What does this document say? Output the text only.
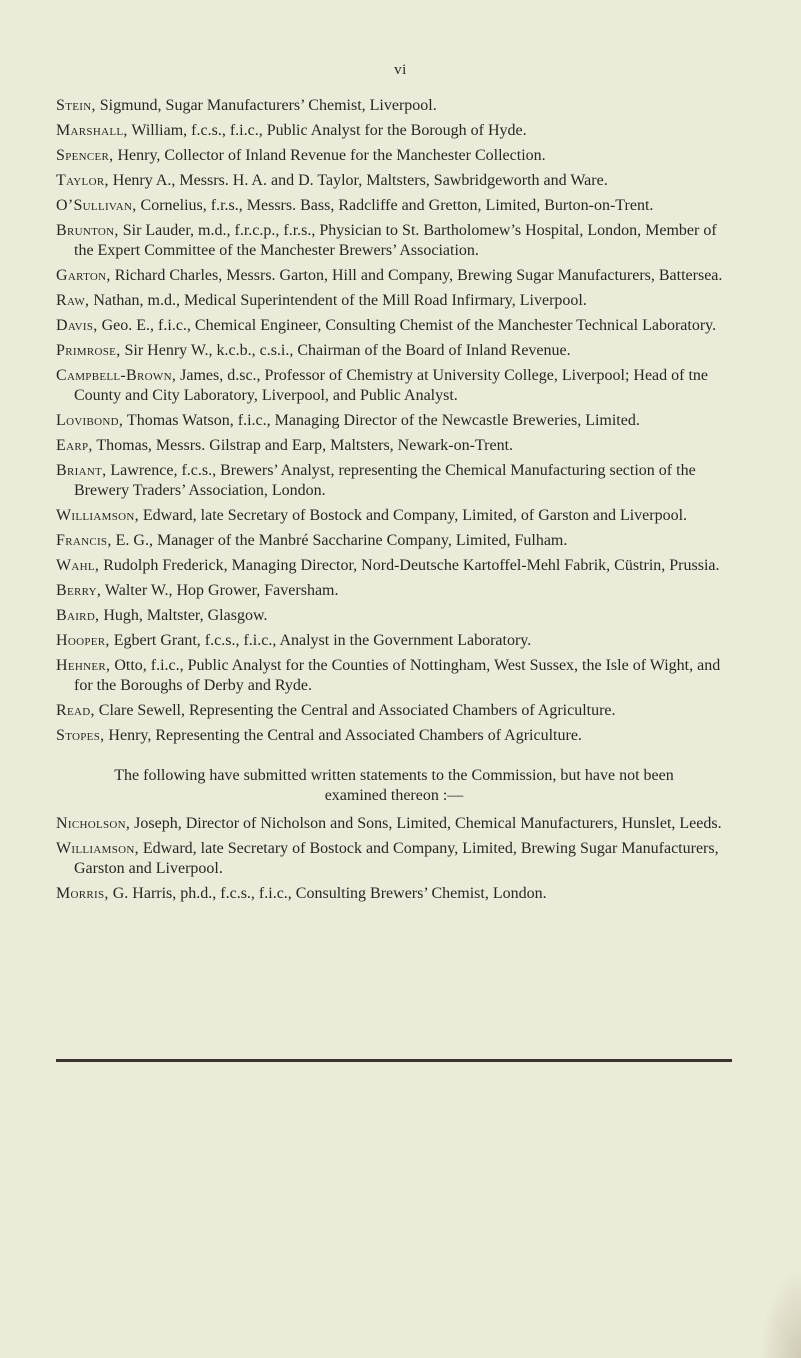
vi

Stein, Sigmund, Sugar Manufacturers’ Chemist, Liverpool.

Marshall, William, f.c.s., f.i.c., Public Analyst for the Borough of Hyde.

Spencer, Henry, Collector of Inland Revenue for the Manchester Collection.

Taylor, Henry A., Messrs. H. A. and D. Taylor, Maltsters, Sawbridgeworth and Ware.

O’Sullivan, Cornelius, f.r.s., Messrs. Bass, Radcliffe and Gretton, Limited, Burton-on-Trent.

Brunton, Sir Lauder, m.d., f.r.c.p., f.r.s., Physician to St. Bartholomew’s Hospital, London, Member of the Expert Committee of the Manchester Brewers’ Association.

Garton, Richard Charles, Messrs. Garton, Hill and Company, Brewing Sugar Manufacturers, Battersea.

Raw, Nathan, m.d., Medical Superintendent of the Mill Road Infirmary, Liverpool.

Davis, Geo. E., f.i.c., Chemical Engineer, Consulting Chemist of the Manchester Technical Laboratory.

Primrose, Sir Henry W., k.c.b., c.s.i., Chairman of the Board of Inland Revenue.

Campbell-Brown, James, d.sc., Professor of Chemistry at University College, Liverpool; Head of tne County and City Laboratory, Liverpool, and Public Analyst.

Lovibond, Thomas Watson, f.i.c., Managing Director of the Newcastle Breweries, Limited.

Earp, Thomas, Messrs. Gilstrap and Earp, Maltsters, Newark-on-Trent.

Briant, Lawrence, f.c.s., Brewers’ Analyst, representing the Chemical Manufacturing section of the Brewery Traders’ Association, London.

Williamson, Edward, late Secretary of Bostock and Company, Limited, of Garston and Liverpool.

Francis, E. G., Manager of the Manbré Saccharine Company, Limited, Fulham.

Wahl, Rudolph Frederick, Managing Director, Nord-Deutsche Kartoffel-Mehl Fabrik, Cüstrin, Prussia.

Berry, Walter W., Hop Grower, Faversham.

Baird, Hugh, Maltster, Glasgow.

Hooper, Egbert Grant, f.c.s., f.i.c., Analyst in the Government Laboratory.

Hehner, Otto, f.i.c., Public Analyst for the Counties of Nottingham, West Sussex, the Isle of Wight, and for the Boroughs of Derby and Ryde.

Read, Clare Sewell, Representing the Central and Associated Chambers of Agriculture.

Stopes, Henry, Representing the Central and Associated Chambers of Agriculture.

The following have submitted written statements to the Commission, but have not been examined thereon :—

Nicholson, Joseph, Director of Nicholson and Sons, Limited, Chemical Manufacturers, Hunslet, Leeds.

Williamson, Edward, late Secretary of Bostock and Company, Limited, Brewing Sugar Manufacturers, Garston and Liverpool.

Morris, G. Harris, ph.d., f.c.s., f.i.c., Consulting Brewers’ Chemist, London.
